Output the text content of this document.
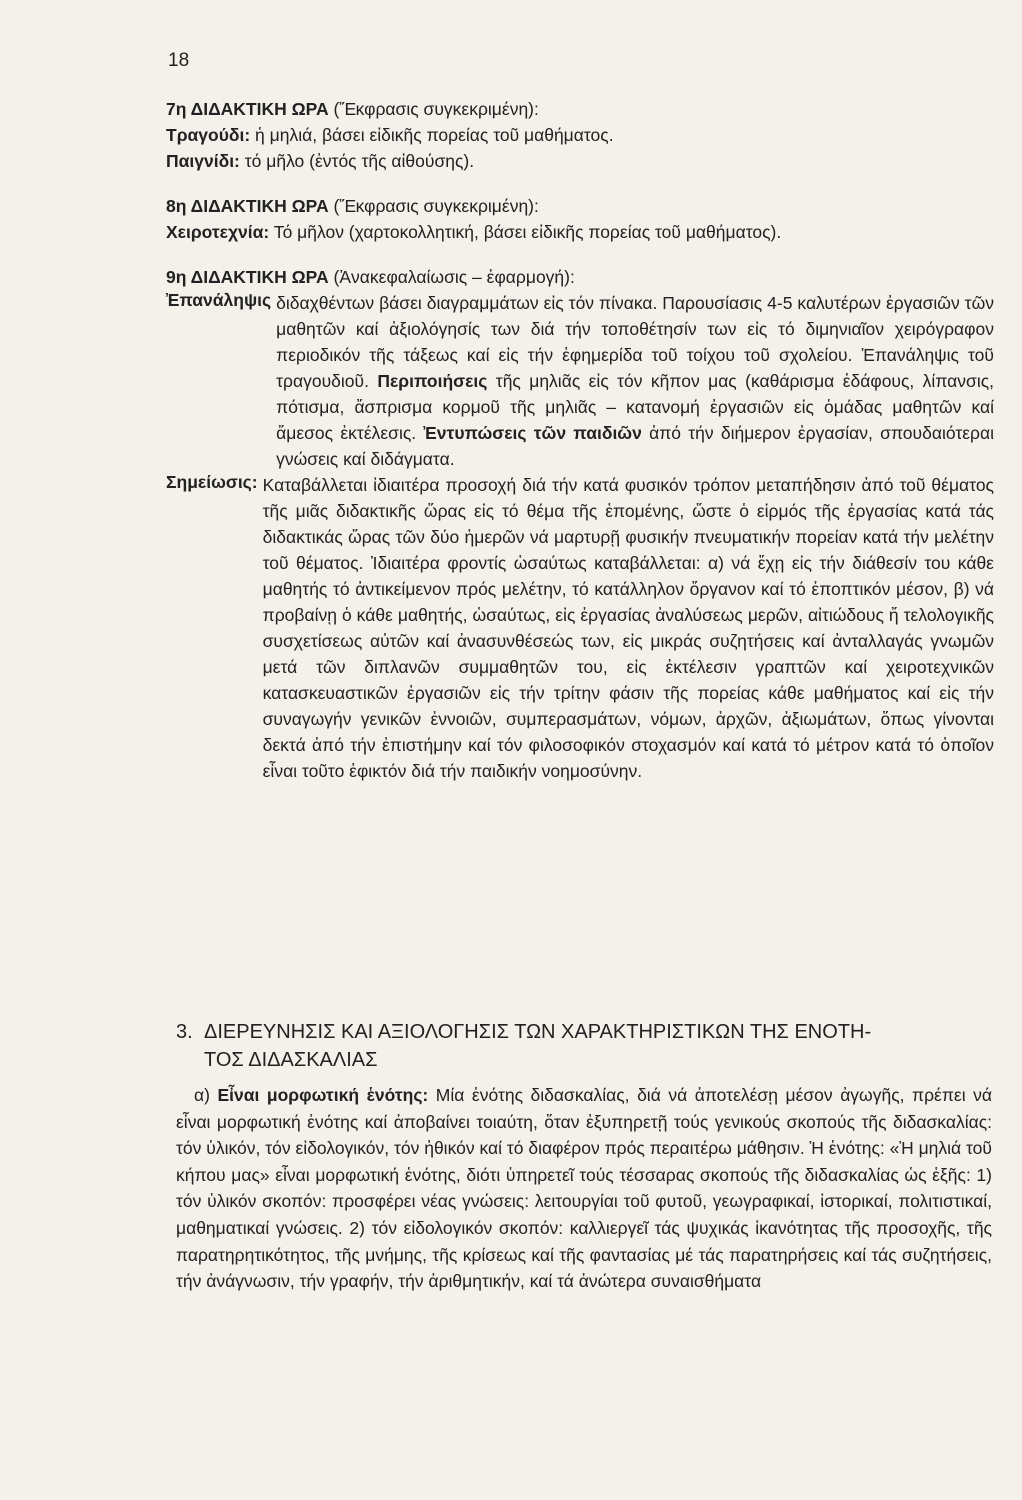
18
7η ΔΙΔΑΚΤΙΚΗ ΩΡΑ (Ἔκφρασις συγκεκριμένη):
Τραγούδι: ἡ μηλιά, βάσει εἰδικῆς πορείας τοῦ μαθήματος.
Παιγνίδι: τό μῆλο (ἐντός τῆς αἰθούσης).
8η ΔΙΔΑΚΤΙΚΗ ΩΡΑ (Ἔκφρασις συγκεκριμένη):
Χειροτεχνία: Τό μῆλον (χαρτοκολλητική, βάσει εἰδικῆς πορείας τοῦ μαθήματος).
9η ΔΙΔΑΚΤΙΚΗ ΩΡΑ (Ἀνακεφαλαίωσις – ἐφαρμογή):
Ἐπανάληψις διδαχθέντων βάσει διαγραμμάτων εἰς τόν πίνακα. Παρουσίασις 4-5 καλυτέρων ἐργασιῶν τῶν μαθητῶν καί ἀξιολόγησίς των διά τήν τοποθέτησίν των εἰς τό διμηνιαῖον χειρόγραφον περιοδικόν τῆς τάξεως καί εἰς τήν ἐφημερίδα τοῦ τοίχου τοῦ σχολείου. Ἐπανάληψις τοῦ τραγουδιοῦ. Περιποιήσεις τῆς μηλιᾶς εἰς τόν κῆπον μας (καθάρισμα ἐδάφους, λίπανσις, πότισμα, ἄσπρισμα κορμοῦ τῆς μηλιᾶς – κατανομή ἐργασιῶν εἰς ὁμάδας μαθητῶν καί ἄμεσος ἐκτέλεσις. Ἐντυπώσεις τῶν παιδιῶν ἀπό τήν διήμερον ἐργασίαν, σπουδαιότεραι γνώσεις καί διδάγματα.
Σημείωσις: Καταβάλλεται ἰδιαιτέρα προσοχή διά τήν κατά φυσικόν τρόπον μεταπήδησιν ἀπό τοῦ θέματος τῆς μιᾶς διδακτικῆς ὥρας εἰς τό θέμα τῆς ἑπομένης, ὥστε ὁ εἱρμός τῆς ἐργασίας κατά τάς διδακτικάς ὥρας τῶν δύο ἡμερῶν νά μαρτυρῇ φυσικήν πνευματικήν πορείαν κατά τήν μελέτην τοῦ θέματος. Ἰδιαιτέρα φροντίς ὡσαύτως καταβάλλεται: α) νά ἔχῃ εἰς τήν διάθεσίν του κάθε μαθητής τό ἀντικείμενον πρός μελέτην, τό κατάλληλον ὄργανον καί τό ἐποπτικόν μέσον, β) νά προβαίνῃ ὁ κάθε μαθητής, ὡσαύτως, εἰς ἐργασίας ἀναλύσεως μερῶν, αἰτιώδους ἤ τελολογικῆς συσχετίσεως αὐτῶν καί ἀνασυνθέσεώς των, εἰς μικράς συζητήσεις καί ἀνταλλαγάς γνωμῶν μετά τῶν διπλανῶν συμμαθητῶν του, εἰς ἐκτέλεσιν γραπτῶν καί χειροτεχνικῶν κατασκευαστικῶν ἐργασιῶν εἰς τήν τρίτην φάσιν τῆς πορείας κάθε μαθήματος καί εἰς τήν συναγωγήν γενικῶν ἐννοιῶν, συμπερασμάτων, νόμων, ἀρχῶν, ἀξιωμάτων, ὅπως γίνονται δεκτά ἀπό τήν ἐπιστήμην καί τόν φιλοσοφικόν στοχασμόν καί κατά τό μέτρον κατά τό ὁποῖον εἶναι τοῦτο ἐφικτόν διά τήν παιδικήν νοημοσύνην.
3. ΔΙΕΡΕΥΝΗΣΙΣ ΚΑΙ ΑΞΙΟΛΟΓΗΣΙΣ ΤΩΝ ΧΑΡΑΚΤΗΡΙΣΤΙΚΩΝ ΤΗΣ ΕΝΟΤΗ-
ΤΟΣ ΔΙΔΑΣΚΑΛΙΑΣ
α) Εἶναι μορφωτική ἑνότης: Μία ἑνότης διδασκαλίας, διά νά ἀποτελέσῃ μέσον ἀγωγῆς, πρέπει νά εἶναι μορφωτική ἑνότης καί ἀποβαίνει τοιαύτη, ὅταν ἐξυπηρετῇ τούς γενικούς σκοπούς τῆς διδασκαλίας: τόν ὑλικόν, τόν εἰδολογικόν, τόν ἠθικόν καί τό διαφέρον πρός περαιτέρω μάθησιν. Ἡ ἑνότης: «Ἡ μηλιά τοῦ κήπου μας» εἶναι μορφωτική ἑνότης, διότι ὑπηρετεῖ τούς τέσσαρας σκοπούς τῆς διδασκαλίας ὡς ἑξῆς: 1) τόν ὑλικόν σκοπόν: προσφέρει νέας γνώσεις: λειτουργίαι τοῦ φυτοῦ, γεωγραφικαί, ἱστορικαί, πολιτιστικαί, μαθηματικαί γνώσεις. 2) τόν εἰδολογικόν σκοπόν: καλλιεργεῖ τάς ψυχικάς ἱκανότητας τῆς προσοχῆς, τῆς παρατηρητικότητος, τῆς μνήμης, τῆς κρίσεως καί τῆς φαντασίας μέ τάς παρατηρήσεις καί τάς συζητήσεις, τήν ἀνάγνωσιν, τήν γραφήν, τήν ἀριθμητικήν, καί τά ἀνώτερα συναισθήματα
